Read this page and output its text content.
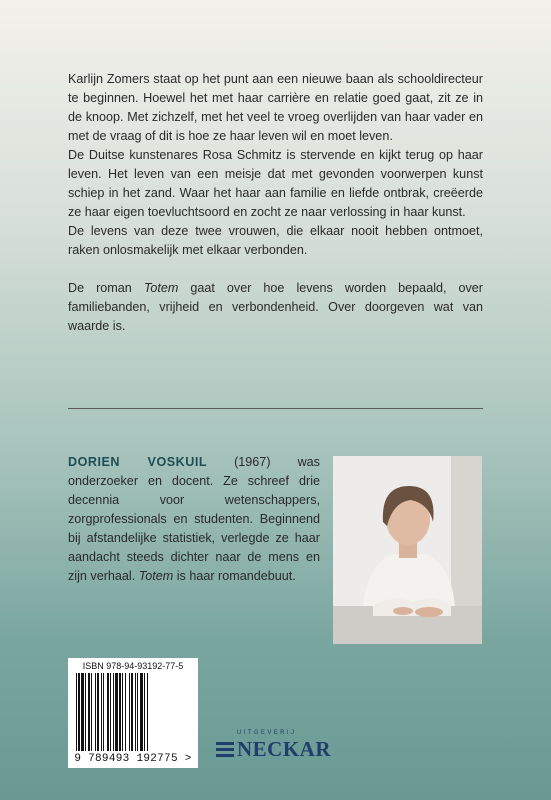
Karlijn Zomers staat op het punt aan een nieuwe baan als schooldirecteur te beginnen. Hoewel het met haar carrière en relatie goed gaat, zit ze in de knoop. Met zichzelf, met het veel te vroeg overlijden van haar vader en met de vraag of dit is hoe ze haar leven wil en moet leven.

De Duitse kunstenares Rosa Schmitz is stervende en kijkt terug op haar leven. Het leven van een meisje dat met gevonden voorwerpen kunst schiep in het zand. Waar het haar aan familie en liefde ontbrak, creëerde ze haar eigen toevluchtsoord en zocht ze naar verlossing in haar kunst.

De levens van deze twee vrouwen, die elkaar nooit hebben ontmoet, raken onlosmakelijk met elkaar verbonden.

De roman Totem gaat over hoe levens worden bepaald, over familiebanden, vrijheid en verbondenheid. Over doorgeven wat van waarde is.

DORIEN VOSKUIL (1967) was onderzoeker en docent. Ze schreef drie decennia voor wetenschappers, zorgprofessionals en studenten. Beginnend bij afstandelijke statistiek, verlegde ze haar aandacht steeds dichter naar de mens en zijn verhaal. Totem is haar romandebuut.
ISBN 978-94-93192-77-5
9 789493 192775 >
UITGEVERIJ
NECKAR
